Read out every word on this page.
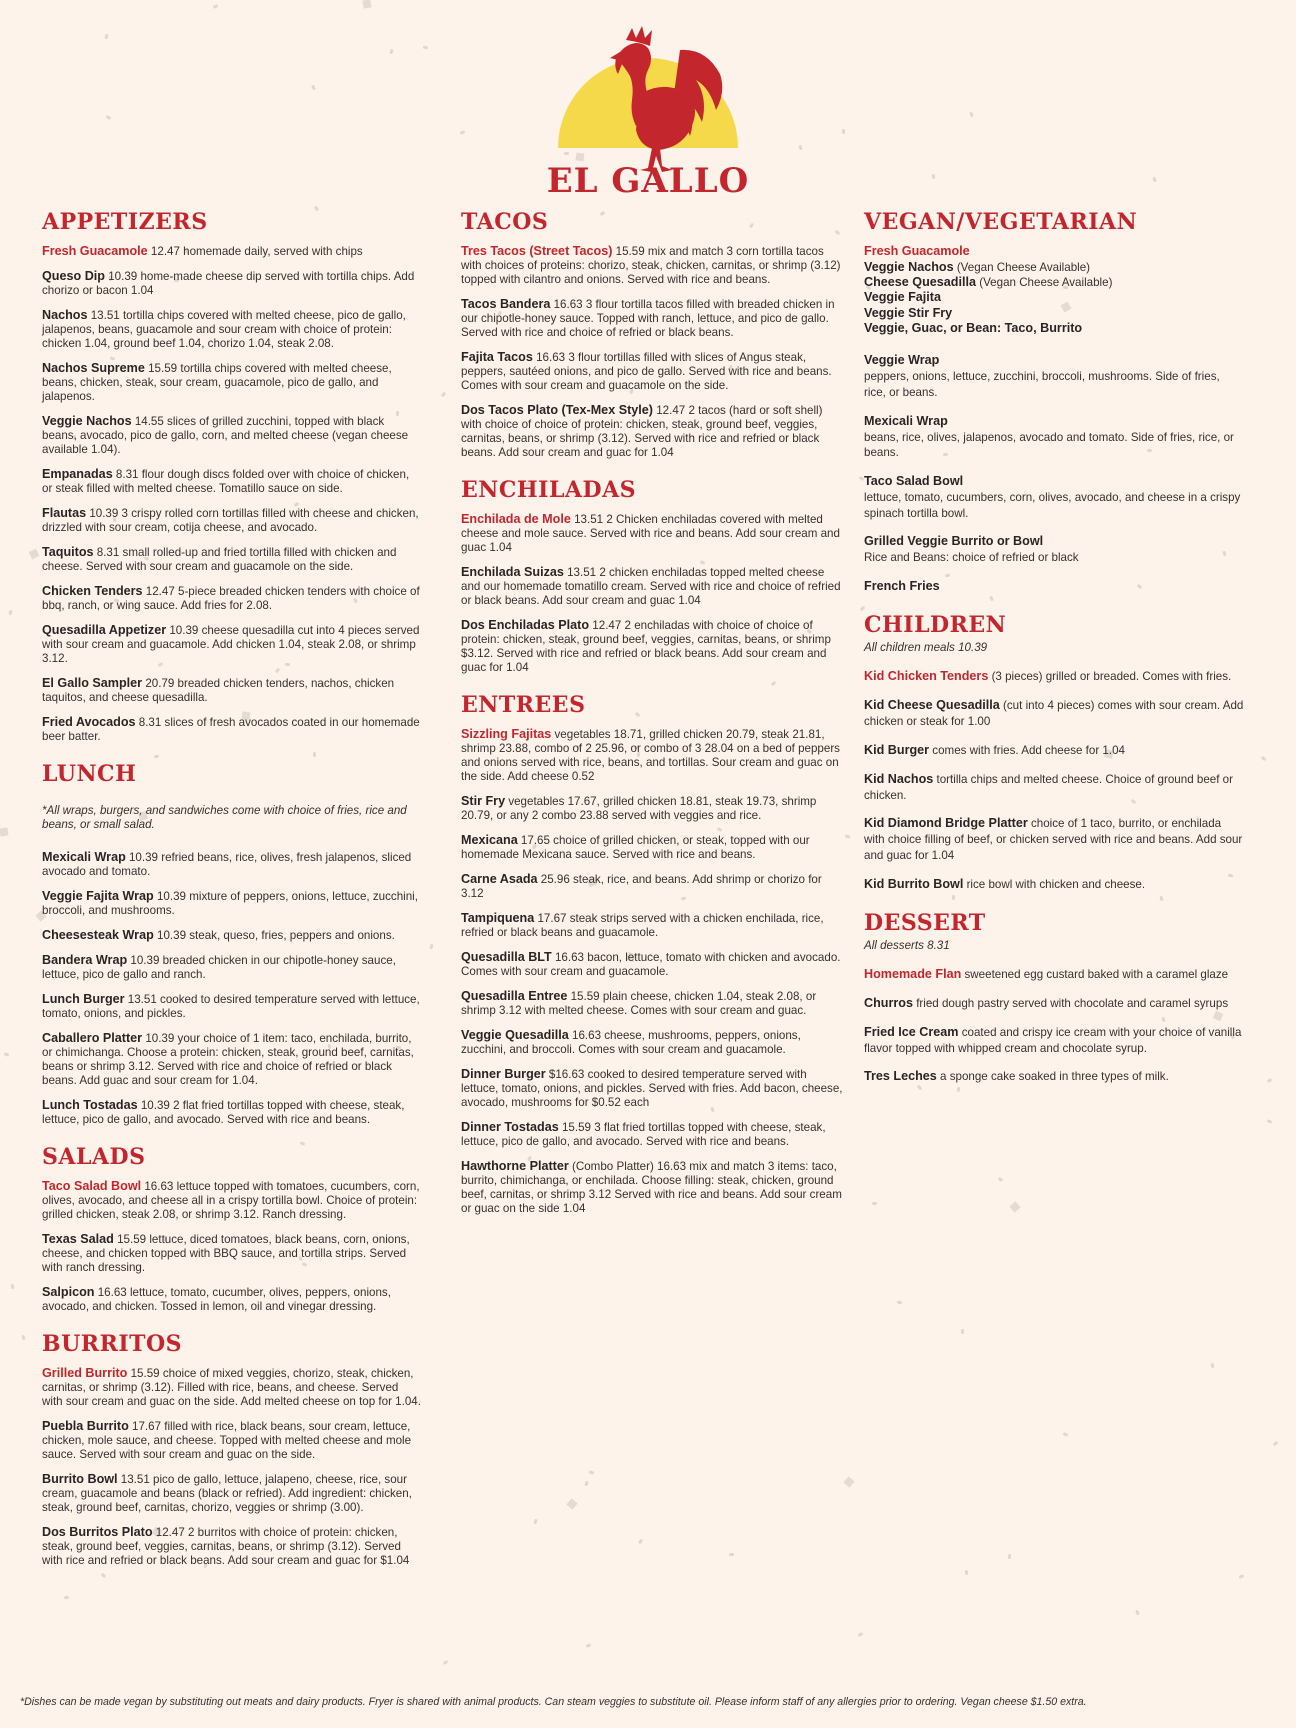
EL GALLO
APPETIZERS
Fresh Guacamole 12.47 homemade daily, served with chips
Queso Dip 10.39 home-made cheese dip served with tortilla chips. Add chorizo or bacon 1.04
Nachos 13.51 tortilla chips covered with melted cheese, pico de gallo, jalapenos, beans, guacamole and sour cream with choice of protein: chicken 1.04, ground beef 1.04, chorizo 1.04, steak 2.08.
Nachos Supreme 15.59 tortilla chips covered with melted cheese, beans, chicken, steak, sour cream, guacamole, pico de gallo, and jalapenos.
Veggie Nachos 14.55 slices of grilled zucchini, topped with black beans, avocado, pico de gallo, corn, and melted cheese (vegan cheese available 1.04).
Empanadas 8.31 flour dough discs folded over with choice of chicken, or steak filled with melted cheese. Tomatillo sauce on side.
Flautas 10.39 3 crispy rolled corn tortillas filled with cheese and chicken, drizzled with sour cream, cotija cheese, and avocado.
Taquitos 8.31 small rolled-up and fried tortilla filled with chicken and cheese. Served with sour cream and guacamole on the side.
Chicken Tenders 12.47 5-piece breaded chicken tenders with choice of bbq, ranch, or wing sauce. Add fries for 2.08.
Quesadilla Appetizer 10.39 cheese quesadilla cut into 4 pieces served with sour cream and guacamole. Add chicken 1.04, steak 2.08, or shrimp 3.12.
El Gallo Sampler 20.79 breaded chicken tenders, nachos, chicken taquitos, and cheese quesadilla.
Fried Avocados 8.31 slices of fresh avocados coated in our homemade beer batter.
LUNCH
*All wraps, burgers, and sandwiches come with choice of fries, rice and beans, or small salad.
Mexicali Wrap 10.39 refried beans, rice, olives, fresh jalapenos, sliced avocado and tomato.
Veggie Fajita Wrap 10.39 mixture of peppers, onions, lettuce, zucchini, broccoli, and mushrooms.
Cheesesteak Wrap 10.39 steak, queso, fries, peppers and onions.
Bandera Wrap 10.39 breaded chicken in our chipotle-honey sauce, lettuce, pico de gallo and ranch.
Lunch Burger 13.51 cooked to desired temperature served with lettuce, tomato, onions, and pickles.
Caballero Platter 10.39 your choice of 1 item: taco, enchilada, burrito, or chimichanga. Choose a protein: chicken, steak, ground beef, carnitas, beans or shrimp 3.12. Served with rice and choice of refried or black beans. Add guac and sour cream for 1.04.
Lunch Tostadas 10.39 2 flat fried tortillas topped with cheese, steak, lettuce, pico de gallo, and avocado. Served with rice and beans.
SALADS
Taco Salad Bowl 16.63 lettuce topped with tomatoes, cucumbers, corn, olives, avocado, and cheese all in a crispy tortilla bowl. Choice of protein: grilled chicken, steak 2.08, or shrimp 3.12. Ranch dressing.
Texas Salad 15.59 lettuce, diced tomatoes, black beans, corn, onions, cheese, and chicken topped with BBQ sauce, and tortilla strips. Served with ranch dressing.
Salpicon 16.63 lettuce, tomato, cucumber, olives, peppers, onions, avocado, and chicken. Tossed in lemon, oil and vinegar dressing.
BURRITOS
Grilled Burrito 15.59 choice of mixed veggies, chorizo, steak, chicken, carnitas, or shrimp (3.12). Filled with rice, beans, and cheese. Served with sour cream and guac on the side. Add melted cheese on top for 1.04.
Puebla Burrito 17.67 filled with rice, black beans, sour cream, lettuce, chicken, mole sauce, and cheese. Topped with melted cheese and mole sauce. Served with sour cream and guac on the side.
Burrito Bowl 13.51 pico de gallo, lettuce, jalapeno, cheese, rice, sour cream, guacamole and beans (black or refried). Add ingredient: chicken, steak, ground beef, carnitas, chorizo, veggies or shrimp (3.00).
Dos Burritos Plato 12.47 2 burritos with choice of protein: chicken, steak, ground beef, veggies, carnitas, beans, or shrimp (3.12). Served with rice and refried or black beans. Add sour cream and guac for $1.04
TACOS
Tres Tacos (Street Tacos) 15.59 mix and match 3 corn tortilla tacos with choices of proteins: chorizo, steak, chicken, carnitas, or shrimp (3.12) topped with cilantro and onions. Served with rice and beans.
Tacos Bandera 16.63 3 flour tortilla tacos filled with breaded chicken in our chipotle-honey sauce. Topped with ranch, lettuce, and pico de gallo. Served with rice and choice of refried or black beans.
Fajita Tacos 16.63 3 flour tortillas filled with slices of Angus steak, peppers, sautéed onions, and pico de gallo. Served with rice and beans. Comes with sour cream and guacamole on the side.
Dos Tacos Plato (Tex-Mex Style) 12.47 2 tacos (hard or soft shell) with choice of choice of protein: chicken, steak, ground beef, veggies, carnitas, beans, or shrimp (3.12). Served with rice and refried or black beans. Add sour cream and guac for 1.04
ENCHILADAS
Enchilada de Mole 13.51 2 Chicken enchiladas covered with melted cheese and mole sauce. Served with rice and beans. Add sour cream and guac 1.04
Enchilada Suizas 13.51 2 chicken enchiladas topped melted cheese and our homemade tomatillo cream. Served with rice and choice of refried or black beans. Add sour cream and guac 1.04
Dos Enchiladas Plato 12.47 2 enchiladas with choice of choice of protein: chicken, steak, ground beef, veggies, carnitas, beans, or shrimp $3.12. Served with rice and refried or black beans. Add sour cream and guac for 1.04
ENTREES
Sizzling Fajitas vegetables 18.71, grilled chicken 20.79, steak 21.81, shrimp 23.88, combo of 2 25.96, or combo of 3 28.04 on a bed of peppers and onions served with rice, beans, and tortillas. Sour cream and guac on the side. Add cheese 0.52
Stir Fry vegetables 17.67, grilled chicken 18.81, steak 19.73, shrimp 20.79, or any 2 combo 23.88 served with veggies and rice.
Mexicana 17.65 choice of grilled chicken, or steak, topped with our homemade Mexicana sauce. Served with rice and beans.
Carne Asada 25.96 steak, rice, and beans. Add shrimp or chorizo for 3.12
Tampiquena 17.67 steak strips served with a chicken enchilada, rice, refried or black beans and guacamole.
Quesadilla BLT 16.63 bacon, lettuce, tomato with chicken and avocado. Comes with sour cream and guacamole.
Quesadilla Entree 15.59 plain cheese, chicken 1.04, steak 2.08, or shrimp 3.12 with melted cheese. Comes with sour cream and guac.
Veggie Quesadilla 16.63 cheese, mushrooms, peppers, onions, zucchini, and broccoli. Comes with sour cream and guacamole.
Dinner Burger $16.63 cooked to desired temperature served with lettuce, tomato, onions, and pickles. Served with fries. Add bacon, cheese, avocado, mushrooms for $0.52 each
Dinner Tostadas 15.59 3 flat fried tortillas topped with cheese, steak, lettuce, pico de gallo, and avocado. Served with rice and beans.
Hawthorne Platter (Combo Platter) 16.63 mix and match 3 items: taco, burrito, chimichanga, or enchilada. Choose filling: steak, chicken, ground beef, carnitas, or shrimp 3.12 Served with rice and beans. Add sour cream or guac on the side 1.04
VEGAN/VEGETARIAN
Fresh Guacamole
Veggie Nachos (Vegan Cheese Available)
Cheese Quesadilla (Vegan Cheese Available)
Veggie Fajita
Veggie Stir Fry
Veggie, Guac, or Bean: Taco, Burrito
Veggie Wrap
peppers, onions, lettuce, zucchini, broccoli, mushrooms. Side of fries, rice, or beans.
Mexicali Wrap
beans, rice, olives, jalapenos, avocado and tomato. Side of fries, rice, or beans.
Taco Salad Bowl
lettuce, tomato, cucumbers, corn, olives, avocado, and cheese in a crispy spinach tortilla bowl.
Grilled Veggie Burrito or Bowl
Rice and Beans: choice of refried or black
French Fries
CHILDREN
All children meals 10.39
Kid Chicken Tenders (3 pieces) grilled or breaded. Comes with fries.
Kid Cheese Quesadilla (cut into 4 pieces) comes with sour cream. Add chicken or steak for 1.00
Kid Burger comes with fries. Add cheese for 1.04
Kid Nachos tortilla chips and melted cheese. Choice of ground beef or chicken.
Kid Diamond Bridge Platter choice of 1 taco, burrito, or enchilada with choice filling of beef, or chicken served with rice and beans. Add sour and guac for 1.04
Kid Burrito Bowl rice bowl with chicken and cheese.
DESSERT
All desserts 8.31
Homemade Flan sweetened egg custard baked with a caramel glaze
Churros fried dough pastry served with chocolate and caramel syrups
Fried Ice Cream coated and crispy ice cream with your choice of vanilla flavor topped with whipped cream and chocolate syrup.
Tres Leches a sponge cake soaked in three types of milk.
*Dishes can be made vegan by substituting out meats and dairy products. Fryer is shared with animal products. Can steam veggies to substitute oil. Please inform staff of any allergies prior to ordering. Vegan cheese $1.50 extra.
